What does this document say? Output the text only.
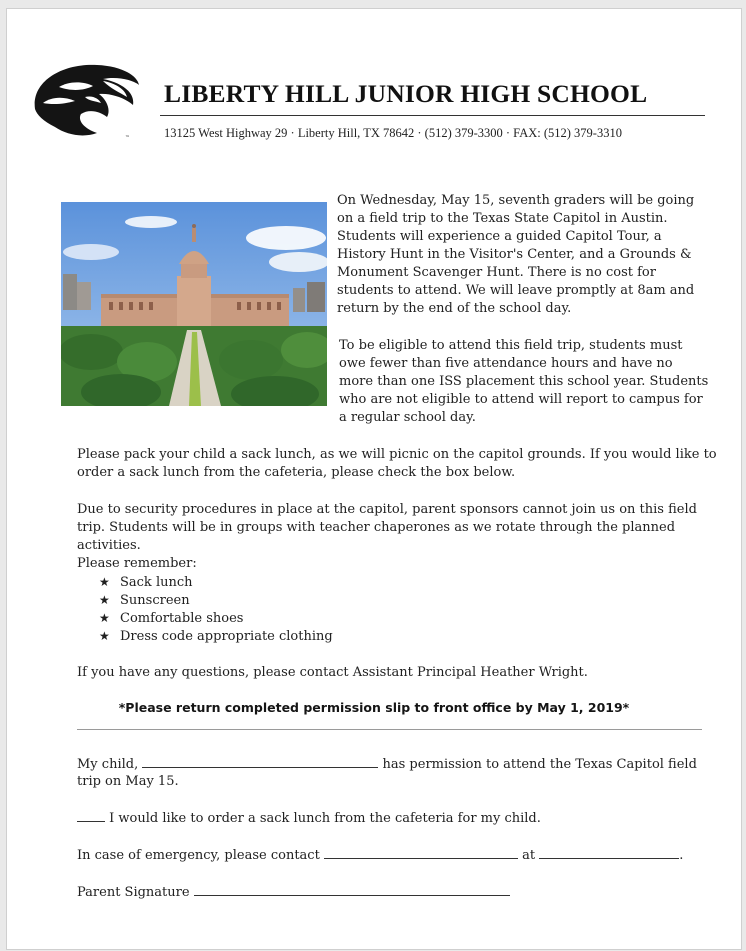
™
LIBERTY HILL JUNIOR HIGH SCHOOL

13125 West Highway 29 · Liberty Hill, TX 78642 · (512) 379-3300 · FAX: (512) 379-3310

On Wednesday, May 15, seventh graders will be going on a field trip to the Texas State Capitol in Austin. Students will experience a guided Capitol Tour, a History Hunt in the Visitor's Center, and a Grounds & Monument Scavenger Hunt. There is no cost for students to attend. We will leave promptly at 8am and return by the end of the school day.

To be eligible to attend this field trip, students must owe fewer than five attendance hours and have no more than one ISS placement this school year. Students who are not eligible to attend will report to campus for a regular school day.

Please pack your child a sack lunch, as we will picnic on the capitol grounds. If you would like to order a sack lunch from the cafeteria, please check the box below.

Due to security procedures in place at the capitol, parent sponsors cannot join us on this field trip. Students will be in groups with teacher chaperones as we rotate through the planned activities.

Please remember:

★ Sack lunch
★ Sunscreen
★ Comfortable shoes
★ Dress code appropriate clothing

If you have any questions, please contact Assistant Principal Heather Wright.

*Please return completed permission slip to front office by May 1, 2019*

My child,	has permission to attend the Texas Capitol field

trip on May 15.

I would like to order a sack lunch from the cafeteria for my child.

In case of emergency, please contact	at	.

Parent Signature
